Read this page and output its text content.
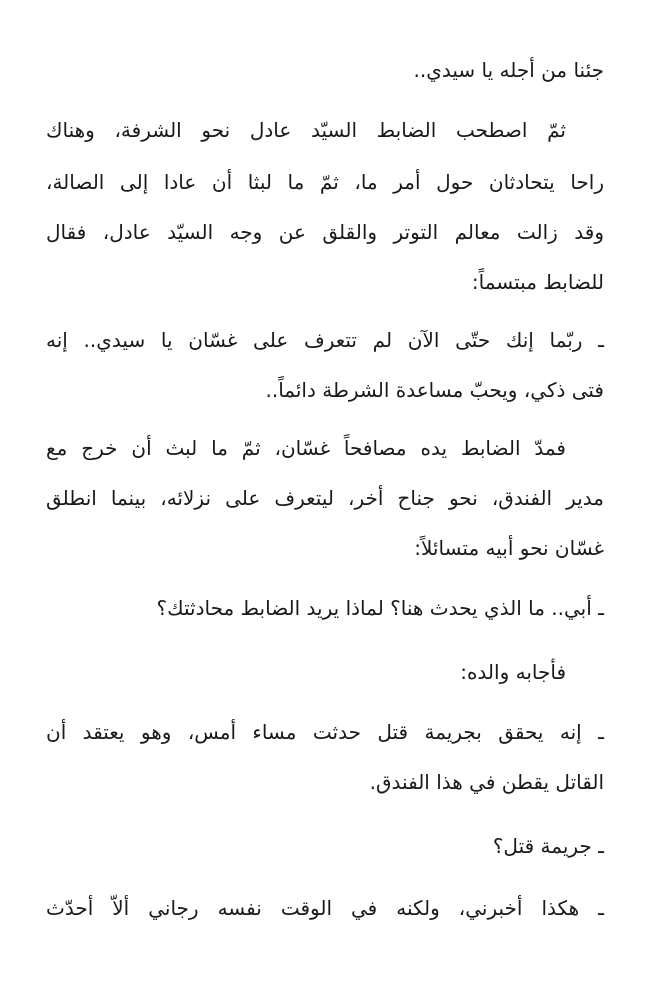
جئنا من أجله يا سيدي..
ثمّ اصطحب الضابط السيّد عادل نحو الشرفة، وهناك
راحا يتحادثان حول أمر ما، ثمّ ما لبثا أن عادا إلى الصالة،
وقد زالت معالم التوتر والقلق عن وجه السيّد عادل، فقال
للضابط مبتسماً:
ـ ربّما إنك حتّى الآن لم تتعرف على غسّان يا سيدي.. إنه
فتى ذكي، ويحبّ مساعدة الشرطة دائماً..
فمدّ الضابط يده مصافحاً غسّان، ثمّ ما لبث أن خرج مع
مدير الفندق، نحو جناح أخر، ليتعرف على نزلائه، بينما انطلق
غسّان نحو أبيه متسائلاً:
ـ أبي.. ما الذي يحدث هنا؟ لماذا يريد الضابط محادثتك؟
فأجابه والده:
ـ إنه يحقق بجريمة قتل حدثت مساء أمس، وهو يعتقد أن
القاتل يقطن في هذا الفندق.
ـ جريمة قتل؟
ـ هكذا أخبرني، ولكنه في الوقت نفسه رجاني ألاّ أحدّث
